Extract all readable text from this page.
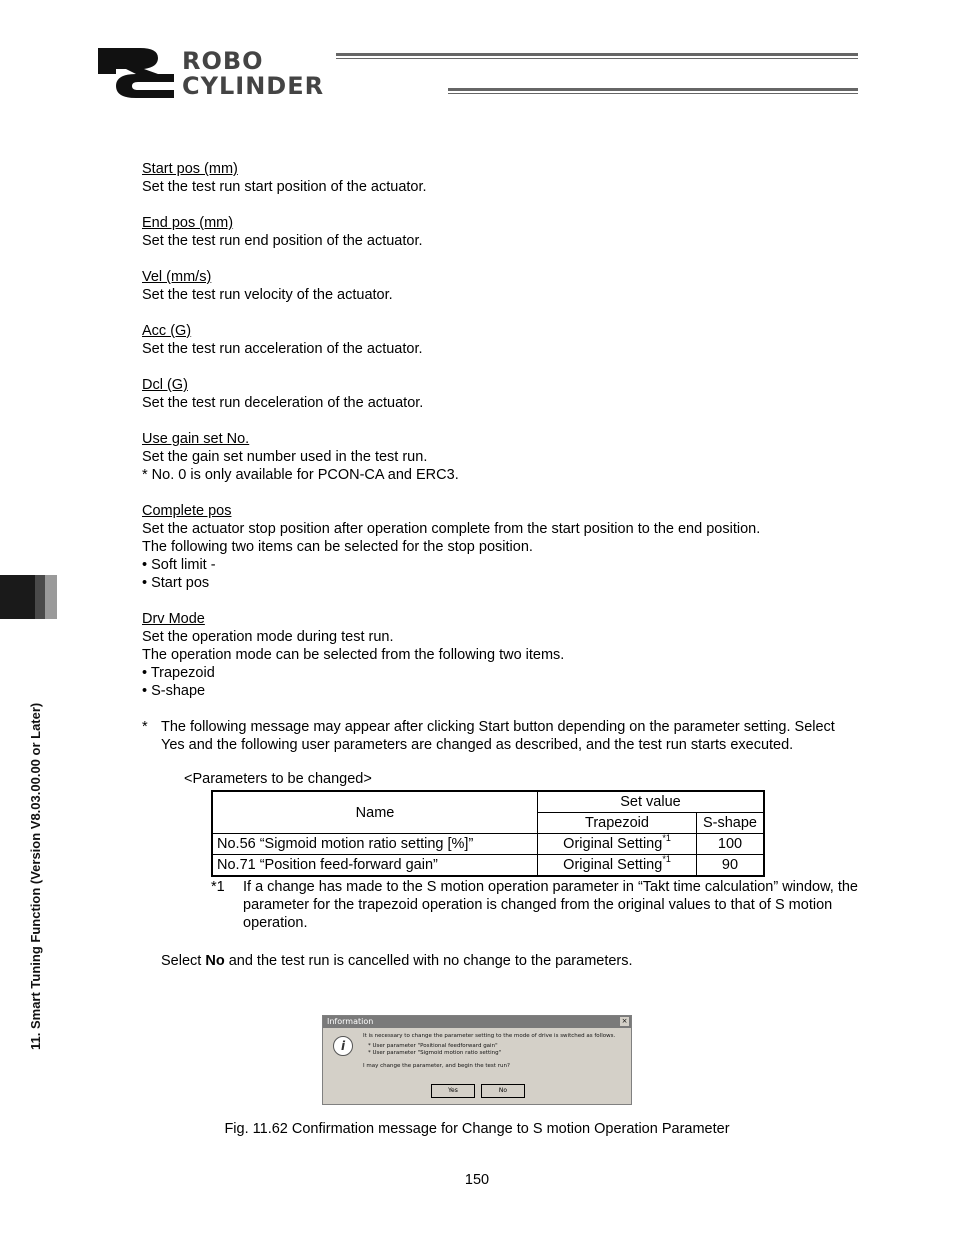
ROBO
CYLINDER
11. Smart Tuning Function (Version V8.03.00.00 or Later)
Start pos (mm)
Set the test run start position of the actuator.
End pos (mm)
Set the test run end position of the actuator.
Vel (mm/s)
Set the test run velocity of the actuator.
Acc (G)
Set the test run acceleration of the actuator.
Dcl (G)
Set the test run deceleration of the actuator.
Use gain set No.
Set the gain set number used in the test run.
* No. 0 is only available for PCON-CA and ERC3.
Complete pos
Set the actuator stop position after operation complete from the start position to the end position.
The following two items can be selected for the stop position.
• Soft limit -
• Start pos
Drv Mode
Set the operation mode during test run.
The operation mode can be selected from the following two items.
• Trapezoid
• S-shape
* The following message may appear after clicking Start button depending on the parameter setting. Select Yes and the following user parameters are changed as described, and the test run starts executed.
<Parameters to be changed>
Name	Set value	
	Trapezoid	S-shape
No.56 “Sigmoid motion ratio setting [%]”	Original Setting$^{*1}$	100
No.71 “Position feed-forward gain”	Original Setting$^{*1}$	90
*1 If a change has made to the S motion operation parameter in “Takt time calculation” window, the parameter for the trapezoid operation is changed from the original values to that of S motion operation.
Select No and the test run is cancelled with no change to the parameters.
Information	×
i
It is necessary to change the parameter setting to the mode of drive is switched as follows.
* User parameter "Positional feedforward gain"
* User parameter "Sigmoid motion ratio setting"
I may change the parameter, and begin the test run?
Yes	No
Fig. 11.62 Confirmation message for Change to S motion Operation Parameter
150
